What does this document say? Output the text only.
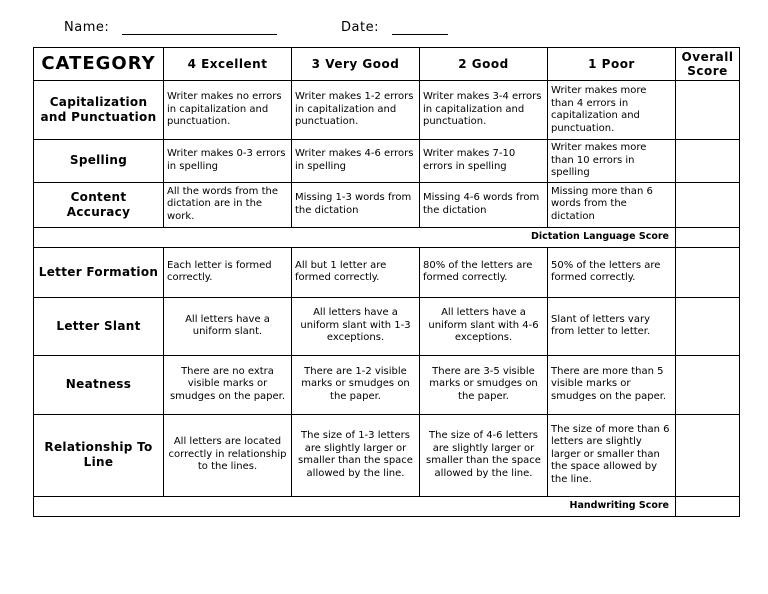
Name:	Date:
CATEGORY	4 Excellent	3 Very Good	2 Good	1 Poor	Overall Score
Capitalization and Punctuation	Writer makes no errors in capitalization and punctuation.	Writer makes 1-2 errors in capitalization and punctuation.	Writer makes 3-4 errors in capitalization and punctuation.	Writer makes more than 4 errors in capitalization and punctuation.	
Spelling	Writer makes 0-3 errors in spelling	Writer makes 4-6 errors in spelling	Writer makes 7-10 errors in spelling	Writer makes more than 10 errors in spelling	
Content Accuracy	All the words from the dictation are in the work.	Missing 1-3 words from the dictation	Missing 4-6 words from the dictation	Missing more than 6 words from the dictation	
Dictation Language Score					
Letter Formation	Each letter is formed correctly.	All but 1 letter are formed correctly.	80% of the letters are formed correctly.	50% of the letters are formed correctly.	
Letter Slant	All letters have a uniform slant.	All letters have a uniform slant with 1-3 exceptions.	All letters have a uniform slant with 4-6 exceptions.	Slant of letters vary from letter to letter.	
Neatness	There are no extra visible marks or smudges on the paper.	There are 1-2 visible marks or smudges on the paper.	There are 3-5 visible marks or smudges on the paper.	There are more than 5 visible marks or smudges on the paper.	
Relationship To Line	All letters are located correctly in relationship to the lines.	The size of 1-3 letters are slightly larger or smaller than the space allowed by the line.	The size of 4-6 letters are slightly larger or smaller than the space allowed by the line.	The size of more than 6 letters are slightly larger or smaller than the space allowed by the line.	
Handwriting Score					
